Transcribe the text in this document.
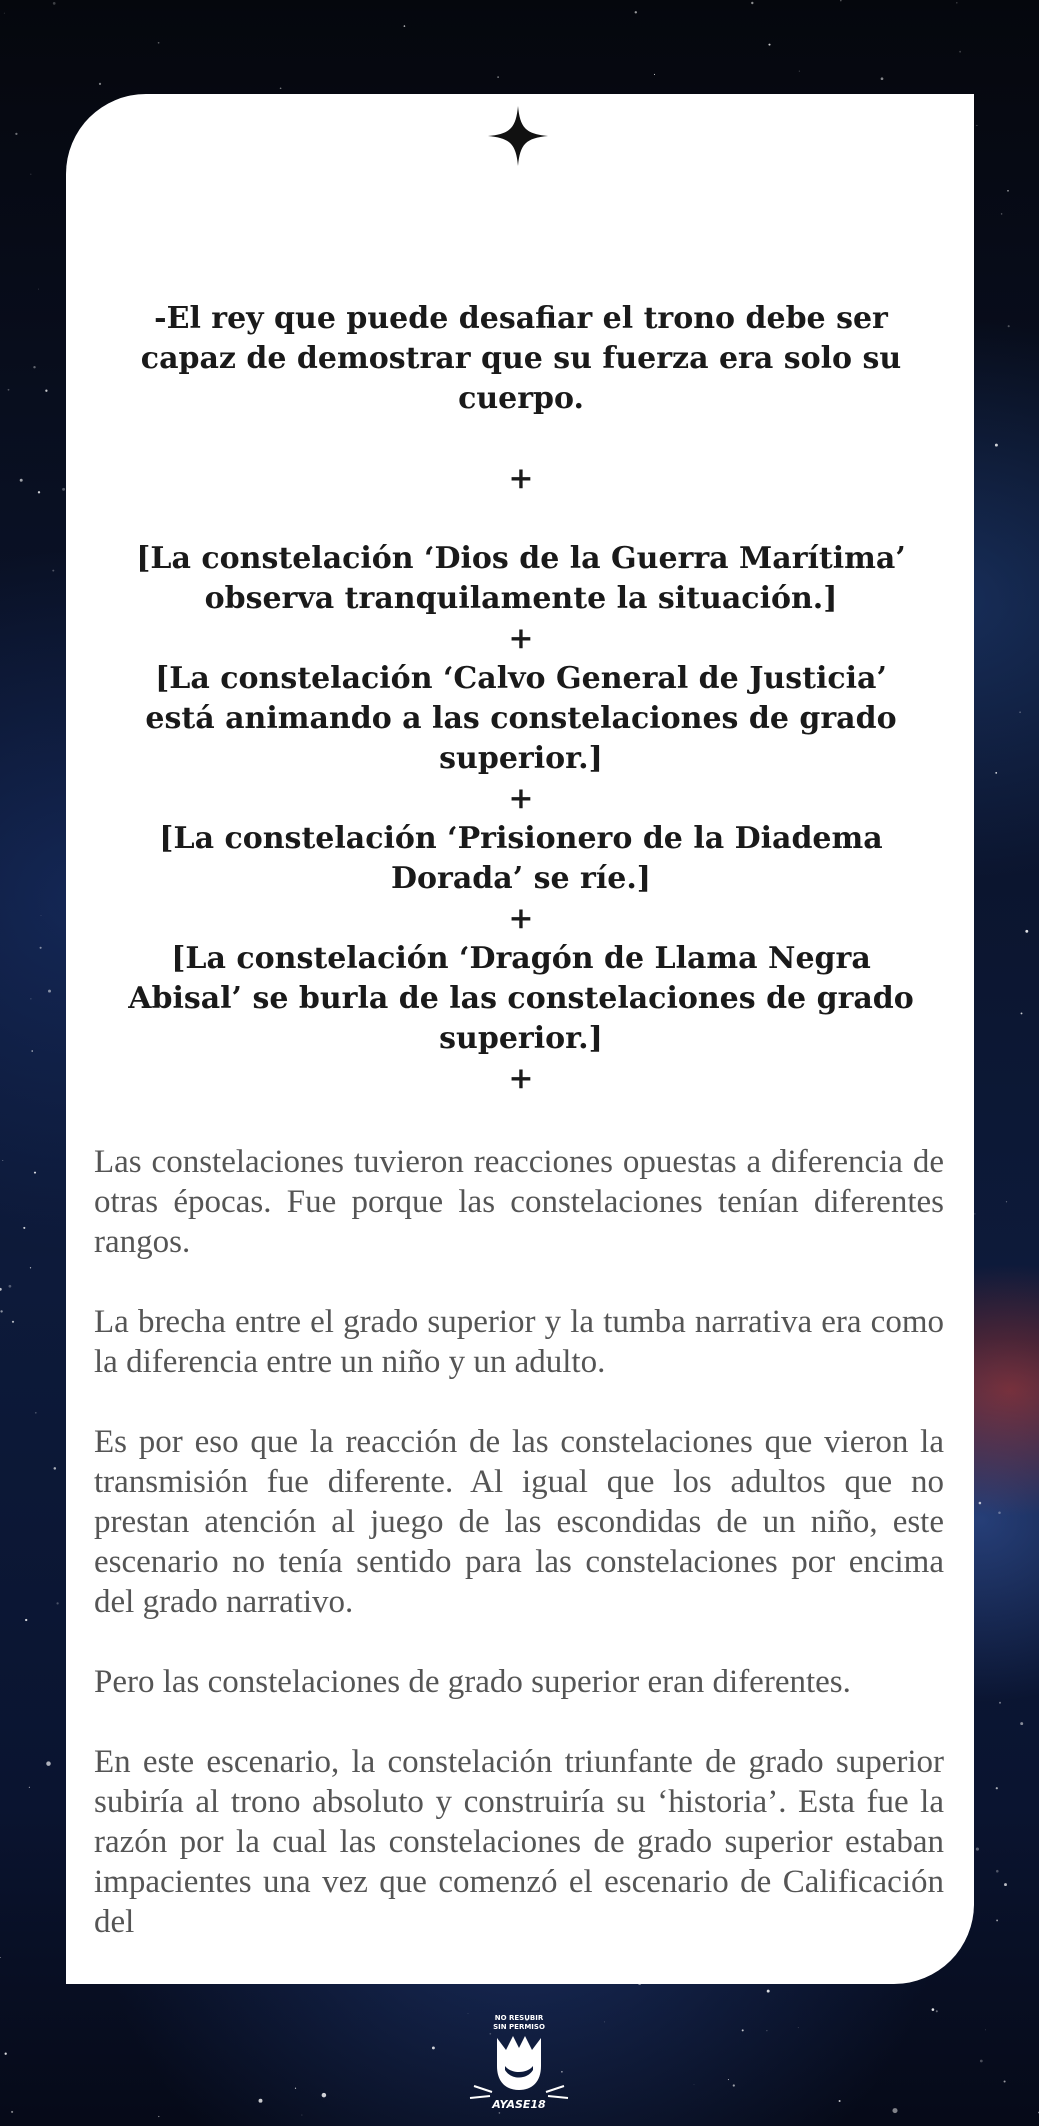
-El rey que puede desafiar el trono debe ser capaz de demostrar que su fuerza era solo su cuerpo.

+

[La constelación ‘Dios de la Guerra Marítima’ observa tranquilamente la situación.]

+

[La constelación ‘Calvo General de Justicia’ está animando a las constelaciones de grado superior.]

+

[La constelación ‘Prisionero de la Diadema Dorada’ se ríe.]

+

[La constelación ‘Dragón de Llama Negra Abisal’ se burla de las constelaciones de grado superior.]

+

Las constelaciones tuvieron reacciones opuestas a diferencia de otras épocas. Fue porque las constelaciones tenían diferentes rangos.

La brecha entre el grado superior y la tumba narrativa era como la diferencia entre un niño y un adulto.

Es por eso que la reacción de las constelaciones que vieron la transmisión fue diferente. Al igual que los adultos que no prestan atención al juego de las escondidas de un niño, este escenario no tenía sentido para las constelaciones por encima del grado narrativo.

Pero las constelaciones de grado superior eran diferentes.

En este escenario, la constelación triunfante de grado superior subiría al trono absoluto y construiría su ‘historia’. Esta fue la razón por la cual las constelaciones de grado superior estaban impacientes una vez que comenzó el escenario de Calificación del

NO RESUBIR
SIN PERMISO
AYASE18
